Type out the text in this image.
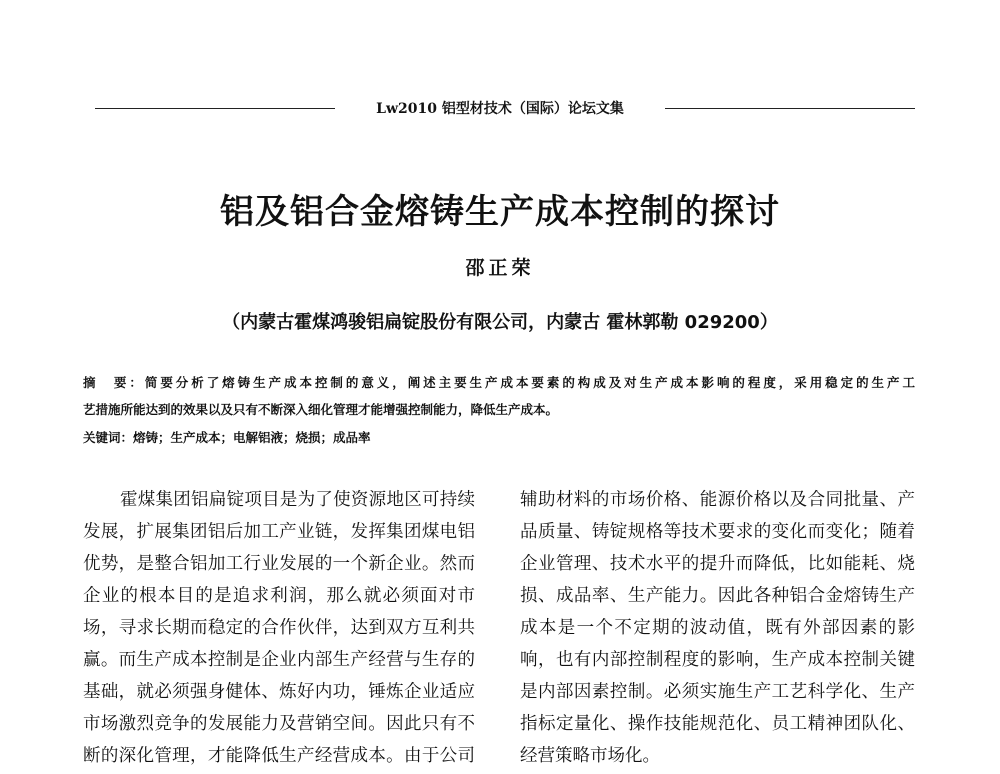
Lw2010 铝型材技术（国际）论坛文集
铝及铝合金熔铸生产成本控制的探讨
邵正荣
（内蒙古霍煤鸿骏铝扁锭股份有限公司，内蒙古 霍林郭勒 029200）
摘　要：简要分析了熔铸生产成本控制的意义，阐述主要生产成本要素的构成及对生产成本影响的程度，采用稳定的生产工
艺措施所能达到的效果以及只有不断深入细化管理才能增强控制能力，降低生产成本。
关键词：熔铸；生产成本；电解铝液；烧损；成品率
霍煤集团铝扁锭项目是为了使资源地区可持续
发展，扩展集团铝后加工产业链，发挥集团煤电铝
优势，是整合铝加工行业发展的一个新企业。然而
企业的根本目的是追求利润，那么就必须面对市
场，寻求长期而稳定的合作伙伴，达到双方互利共
赢。而生产成本控制是企业内部生产经营与生存的
基础，就必须强身健体、炼好内功，锤炼企业适应
市场激烈竞争的发展能力及营销空间。因此只有不
断的深化管理，才能降低生产经营成本。由于公司
辅助材料的市场价格、能源价格以及合同批量、产
品质量、铸锭规格等技术要求的变化而变化；随着
企业管理、技术水平的提升而降低，比如能耗、烧
损、成品率、生产能力。因此各种铝合金熔铸生产
成本是一个不定期的波动值，既有外部因素的影
响，也有内部控制程度的影响，生产成本控制关键
是内部因素控制。必须实施生产工艺科学化、生产
指标定量化、操作技能规范化、员工精神团队化、
经营策略市场化。
